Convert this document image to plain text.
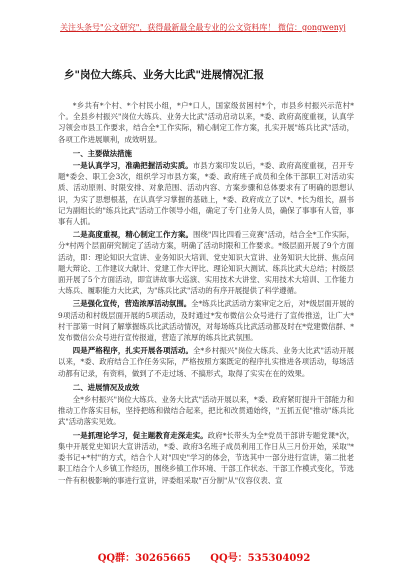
关注头条号"公文研究"，获得最新最全最专业的公文资料库！ 微信：gongwenyj
乡"岗位大练兵、业务大比武"进展情况汇报

*乡共有*个村、*个村民小组，*户*口人，国家级贫困村*个，市县乡村振兴示范村*个。全县乡村振兴"岗位大练兵、业务大比武"活动启动以来，*委、政府高度重视，认真学习领会市县工作要求，结合全*工作实际，精心制定工作方案，扎实开展"练兵比武"活动，各项工作进展顺利，成效明显。

一、主要做法措施

一是认真学习，准确把握活动实质。市县方案印发以后，*委、政府高度重视，召开专题*委会、职工会3次，组织学习市县方案，*委、政府班子成员和全体干部职工对活动实质、活动原则、时限安排、对象范围、活动内容、方案步骤和总体要求有了明确的思想认识，为实了思想根基，在认真学习掌握的基础上，*委、政府成立了以*、*长为组长，副书记为副组长的"练兵比武"活动工作领导小组，确定了专门业务人员，确保了事事有人管，事事有人抓。

二是高度重视，精心制定工作方案。围绕"四比四看三竞赛"活动，结合全*工作实际，分*村两个层面研究制定了活动方案，明确了活动时限和工作要求。*级层面开展了9个方面活动，即：理论知识大宣讲、业务知识大培训、党史知识大宣讲、业务知识大比拼、焦点问题大辩论、工作建议大献计、党建工作大评比、理论知识大测试、练兵比武大总结；村级层面开展了5个方面活动，即宣讲故事大巡演、实用技术大讲堂、实用技术大培训、工作能力大练兵、履职能力大比武，为"练兵比武"活动的有序开展提供了科学遵循。

三是强化宣传，营造浓厚活动氛围。全*练兵比武活动方案审定之后，对*级层面开展的9项活动和村级层面开展的5项活动，及时通过*发布微信公众号进行了宣传推送，让广大*村干部第一时间了解掌握练兵比武活动情况，对每场练兵比武活动都及时在*党建微信群、*发布微信公众号进行宣传报道，营造了浓厚的练兵比武氛围。

四是严格程序，扎实开展各项活动。全*乡村振兴"岗位大练兵、业务大比武"活动开展以来，*委、政府结合工作任务实际，严格按照方案既定的程序扎实推进各项活动，每场活动都有记录，有资料，做到了不走过场、不搞形式，取得了实实在在的效果。

二、进展情况及成效

全*乡村振兴"岗位大练兵、业务大比武"活动开展以来，*委、政府紧盯提升干部能力和推动工作落实目标，坚持把练和做结合起来，把比和改贯通始终，"五抓五促"推动"练兵比武"活动落实见效。

一是抓理论学习，促主题教育走深走实。政府*长带头为全*党员干部讲专题党课*次，集中开展党史知识大宣讲活动，*委、政府3名班子成员利用工作日从三月份开始，采取"*委书记+*村"的方式，结合个人对"四史"学习的体会，节选其中一部分进行宣讲，第二批老职工结合个人乡镇工作经历，围绕乡镇工作环境、干部工作状态、干部工作模式变化，节选一件有积极影响的事进行宣讲，评委组采取"百分制"从"仪容仪表、宣

QQ群：30265665 QQ号：535304092
